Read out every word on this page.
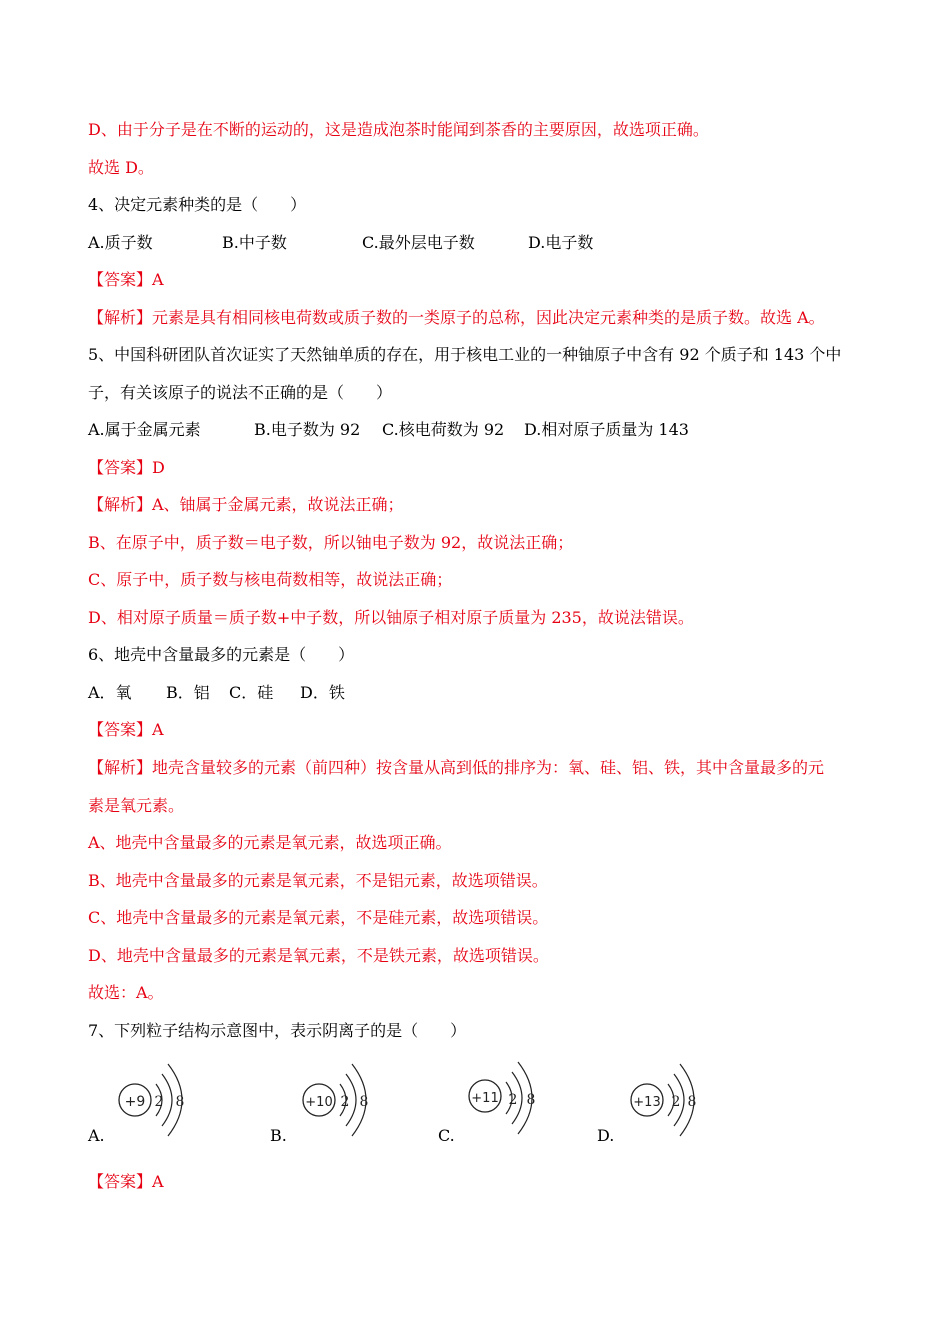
D、由于分子是在不断的运动的，这是造成泡茶时能闻到茶香的主要原因，故选项正确。
故选 D。
4、决定元素种类的是（　　）
A.质子数	B.中子数	C.最外层电子数	D.电子数
【答案】A
【解析】元素是具有相同核电荷数或质子数的一类原子的总称，因此决定元素种类的是质子数。故选 A。
5、中国科研团队首次证实了天然铀单质的存在，用于核电工业的一种铀原子中含有 92 个质子和 143 个中
子，有关该原子的说法不正确的是（　　）
A.属于金属元素	B.电子数为 92 C.核电荷数为 92 D.相对原子质量为 143
【答案】D
【解析】A、铀属于金属元素，故说法正确；
B、在原子中，质子数＝电子数，所以铀电子数为 92，故说法正确；
C、原子中，质子数与核电荷数相等，故说法正确；
D、相对原子质量＝质子数+中子数，所以铀原子相对原子质量为 235，故说法错误。
6、地壳中含量最多的元素是（　　）
A．氧 B．铝 C．硅 D．铁
【答案】A
【解析】地壳含量较多的元素（前四种）按含量从高到低的排序为：氧、硅、铝、铁，其中含量最多的元
素是氧元素。
A、地壳中含量最多的元素是氧元素，故选项正确。
B、地壳中含量最多的元素是氧元素，不是铝元素，故选项错误。
C、地壳中含量最多的元素是氧元素，不是硅元素，故选项错误。
D、地壳中含量最多的元素是氧元素，不是铁元素，故选项错误。
故选：A。
7、下列粒子结构示意图中，表示阴离子的是（　　）
A.
+9 2 8
B.
+10 2 8
C.
+11 2 8
D.
+13 2 8
【答案】A
